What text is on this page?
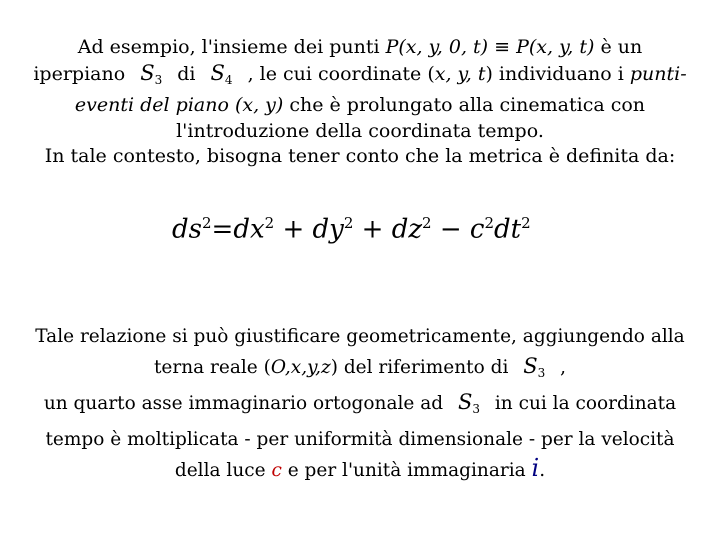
Ad esempio, l'insieme dei punti P(x, y, 0, t) ≡ P(x, y, t) è un
iperpiano $S_3$ di $S_4$ , le cui coordinate (x, y, t) individuano i punti-
eventi del piano (x, y) che è prolungato alla cinematica con
l'introduzione della coordinata tempo.
In tale contesto, bisogna tener conto che la metrica è definita da:
$ds^2=dx^2 + dy^2 + dz^2 - c^2dt^2$
Tale relazione si può giustificare geometricamente, aggiungendo alla
terna reale (O,x,y,z) del riferimento di $S_3$ ,
un quarto asse immaginario ortogonale ad $S_3$ in cui la coordinata
tempo è moltiplicata - per uniformità dimensionale - per la velocità
della luce c e per l'unità immaginaria i.
